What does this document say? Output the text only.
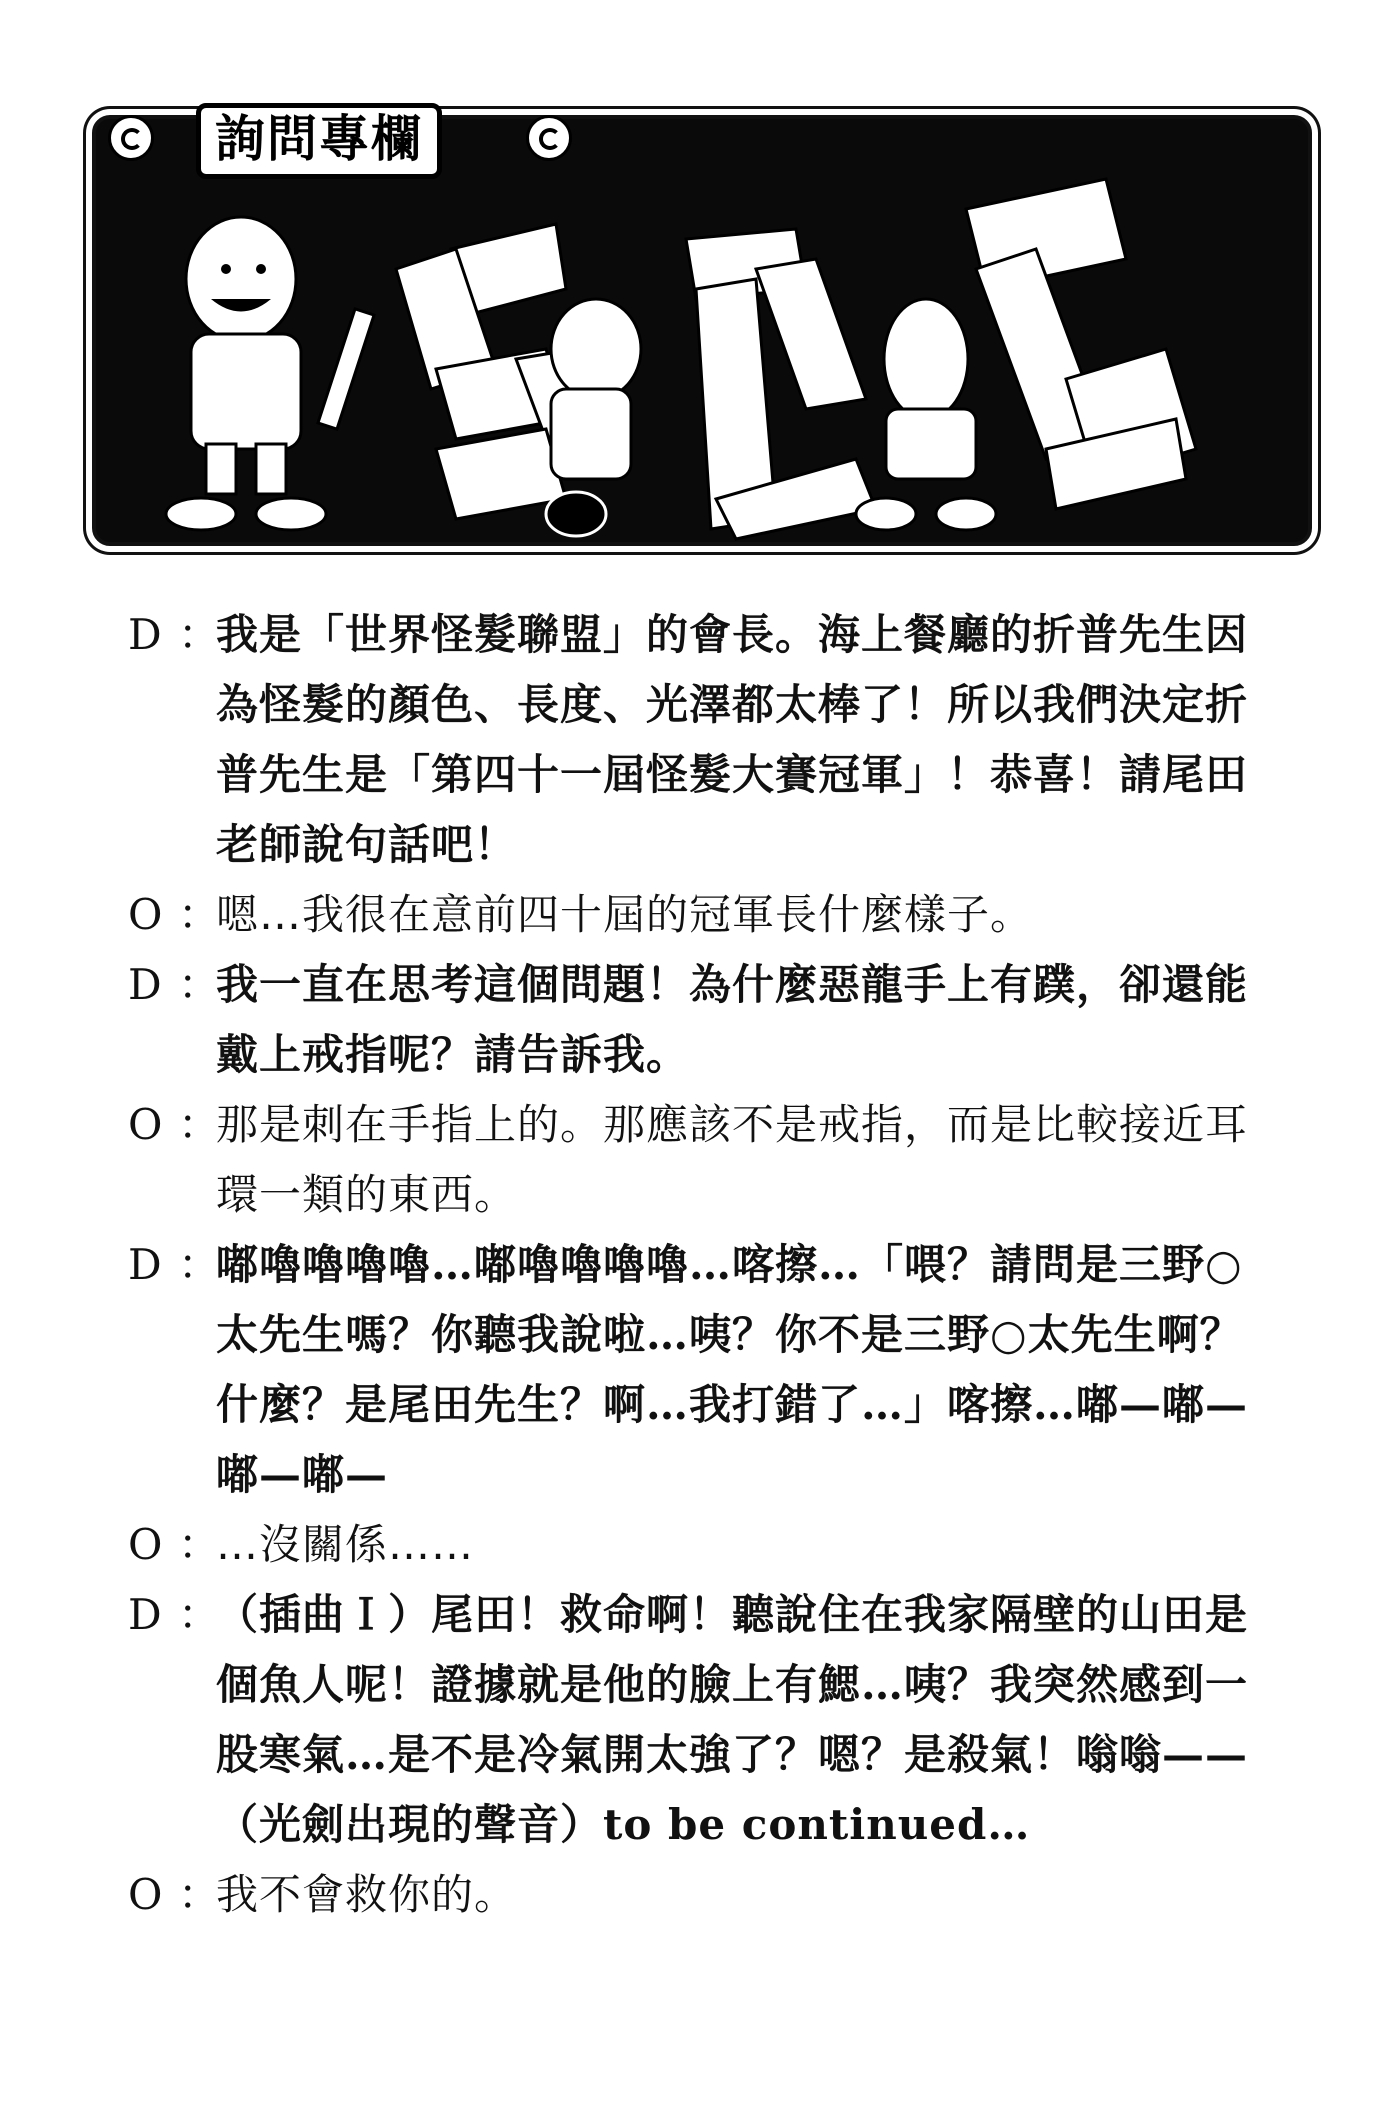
詢問專欄
D ：
我是「世界怪髮聯盟」的會長。海上餐廳的折普先生因
為怪髮的顏色、長度、光澤都太棒了！所以我們決定折
普先生是「第四十一屆怪髮大賽冠軍」！恭喜！請尾田
老師說句話吧！
O ：
嗯…我很在意前四十屆的冠軍長什麼樣子。
D ：
我一直在思考這個問題！為什麼惡龍手上有蹼，卻還能
戴上戒指呢？請告訴我。
O ：
那是刺在手指上的。那應該不是戒指，而是比較接近耳
環一類的東西。
D ：
嘟嚕嚕嚕嚕…嘟嚕嚕嚕嚕…喀擦…「喂？請問是三野○
太先生嗎？你聽我說啦…咦？你不是三野○太先生啊？
什麼？是尾田先生？啊…我打錯了…」喀擦…嘟—嘟—
嘟—嘟—
O ：
…沒關係……
D ：
（插曲Ｉ）尾田！救命啊！聽說住在我家隔壁的山田是
個魚人呢！證據就是他的臉上有鰓…咦？我突然感到一
股寒氣…是不是冷氣開太強了？嗯？是殺氣！嗡嗡——
（光劍出現的聲音）to be continued…
O ：
我不會救你的。
